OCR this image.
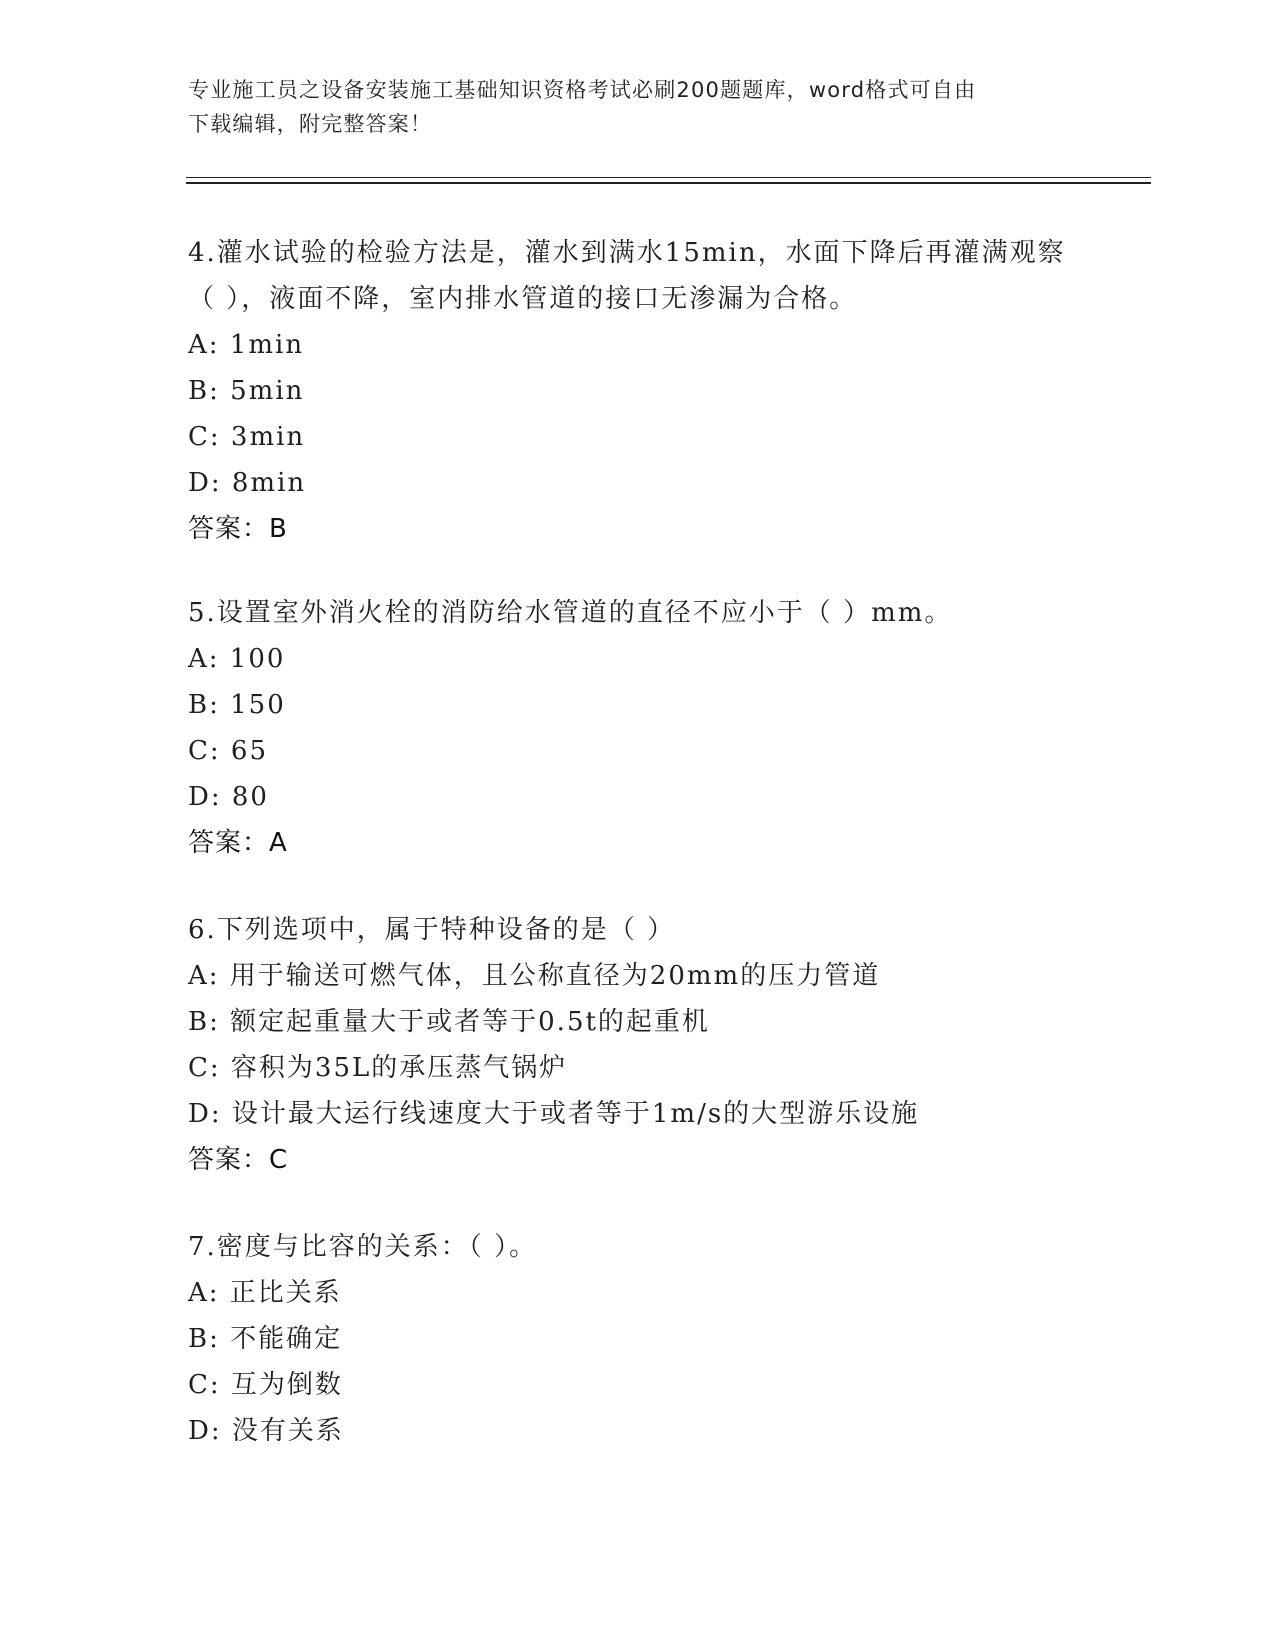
专业施工员之设备安装施工基础知识资格考试必刷200题题库，word格式可自由
下载编辑，附完整答案！
4.灌水试验的检验方法是，灌水到满水15min，水面下降后再灌满观察
（ ），液面不降，室内排水管道的接口无渗漏为合格。
A: 1min
B: 5min
C: 3min
D: 8min
答案：B
5.设置室外消火栓的消防给水管道的直径不应小于（ ）mm。
A: 100
B: 150
C: 65
D: 80
答案：A
6.下列选项中，属于特种设备的是（ ）
A: 用于输送可燃气体，且公称直径为20mm的压力管道
B: 额定起重量大于或者等于0.5t的起重机
C: 容积为35L的承压蒸气锅炉
D: 设计最大运行线速度大于或者等于1m/s的大型游乐设施
答案：C
7.密度与比容的关系：（ ）。
A: 正比关系
B: 不能确定
C: 互为倒数
D: 没有关系
